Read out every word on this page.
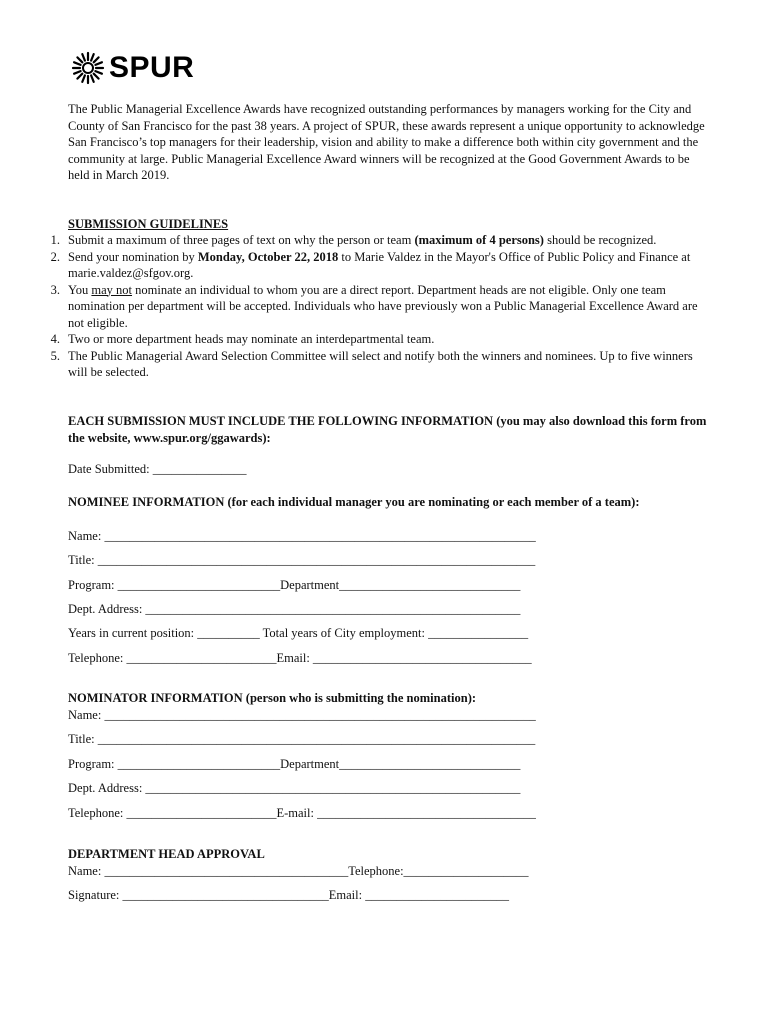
SPUR
The Public Managerial Excellence Awards have recognized outstanding performances by managers working for the City and County of San Francisco for the past 38 years. A project of SPUR, these awards represent a unique opportunity to acknowledge San Francisco’s top managers for their leadership, vision and ability to make a difference both within city government and the community at large. Public Managerial Excellence Award winners will be recognized at the Good Government Awards to be held in March 2019.
SUBMISSION GUIDELINES
1. Submit a maximum of three pages of text on why the person or team (maximum of 4 persons) should be recognized.
2. Send your nomination by Monday, October 22, 2018 to Marie Valdez in the Mayor's Office of Public Policy and Finance at marie.valdez@sfgov.org.
3. You may not nominate an individual to whom you are a direct report. Department heads are not eligible. Only one team nomination per department will be accepted. Individuals who have previously won a Public Managerial Excellence Award are not eligible.
4. Two or more department heads may nominate an interdepartmental team.
5. The Public Managerial Award Selection Committee will select and notify both the winners and nominees. Up to five winners will be selected.
EACH SUBMISSION MUST INCLUDE THE FOLLOWING INFORMATION (you may also download this form from the website, www.spur.org/ggawards):
Date Submitted: _______________
NOMINEE INFORMATION (for each individual manager you are nominating or each member of a team):
Name: _____________________________________________________________________
Title: ______________________________________________________________________
Program: __________________________Department_____________________________
Dept. Address: ____________________________________________________________
Years in current position: __________ Total years of City employment: ________________
Telephone: ________________________Email: ___________________________________
NOMINATOR INFORMATION (person who is submitting the nomination):
Name: _____________________________________________________________________
Title: ______________________________________________________________________
Program: __________________________Department_____________________________
Dept. Address: ____________________________________________________________
Telephone: ________________________E-mail: ___________________________________
DEPARTMENT HEAD APPROVAL
Name: _______________________________________Telephone:____________________
Signature: _________________________________Email: _______________________
